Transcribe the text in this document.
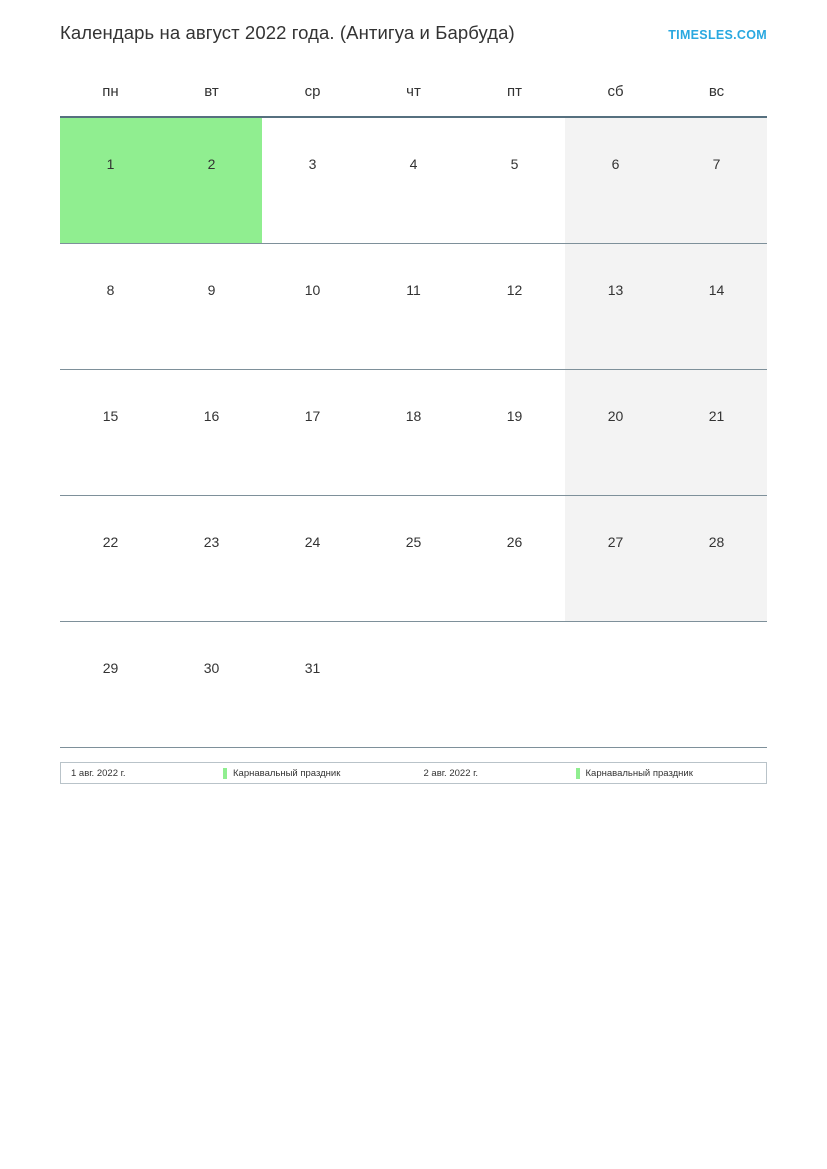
Календарь на август 2022 года. (Антигуа и Барбуда)	TIMESLES.COM
пн	вт	ср	чт	пт	сб	вс

1	2	3	4	5	6	7

8	9	10	11	12	13	14

15	16	17	18	19	20	21

22	23	24	25	26	27	28

29	30	31				

1 авг. 2022 г.	Карнавальный праздник	2 авг. 2022 г.	Карнавальный праздник
